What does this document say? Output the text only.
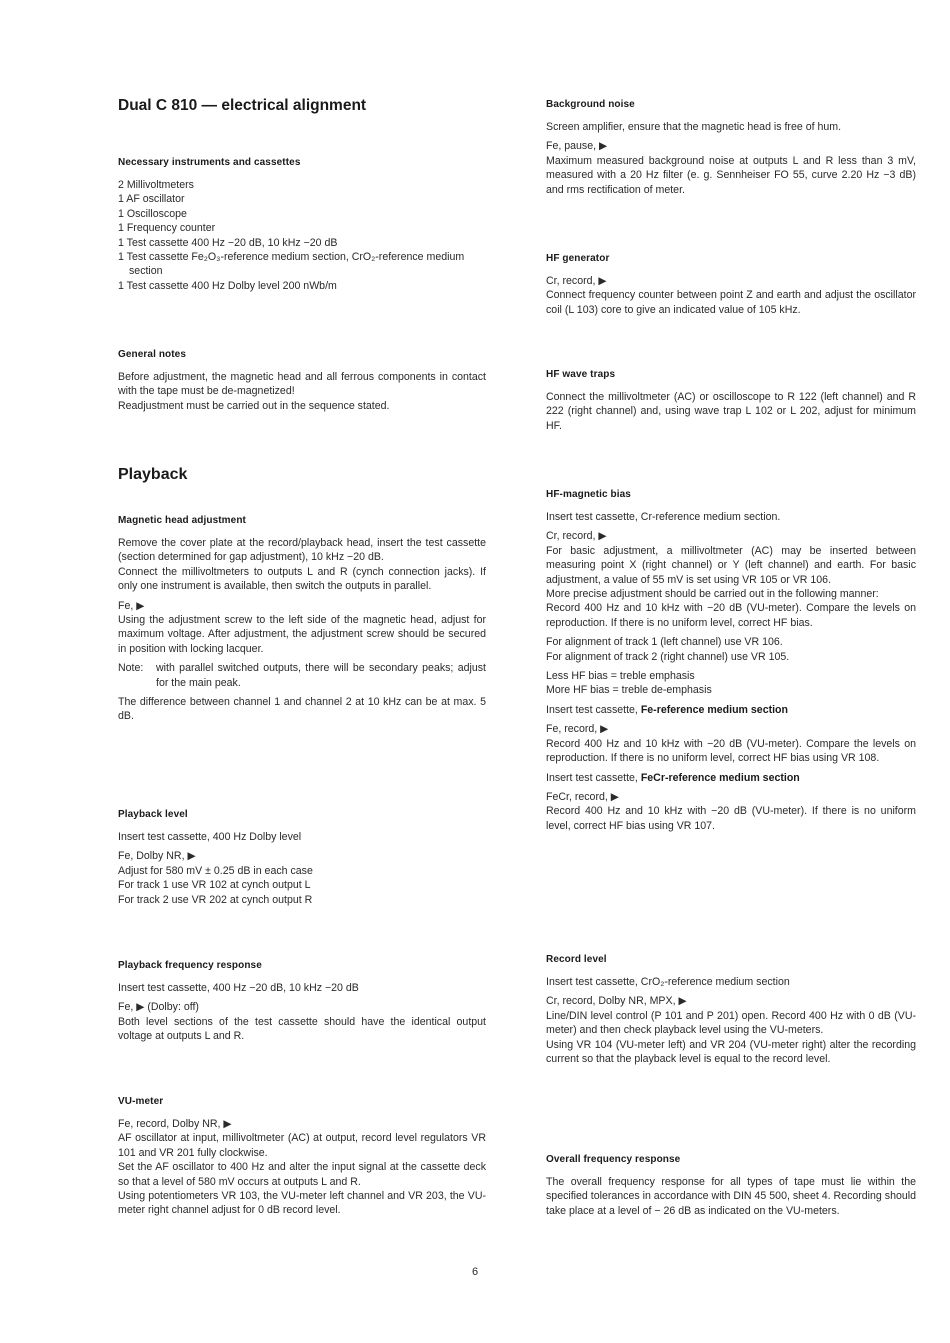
Dual C 810 — electrical alignment
Necessary instruments and cassettes
2 Millivoltmeters
1 AF oscillator
1 Oscilloscope
1 Frequency counter
1 Test cassette 400 Hz −20 dB, 10 kHz −20 dB
1 Test cassette Fe₂O₃-reference medium section, CrO₂-reference medium section
1 Test cassette 400 Hz Dolby level 200 nWb/m
General notes
Before adjustment, the magnetic head and all ferrous components in contact with the tape must be de-magnetized!
Readjustment must be carried out in the sequence stated.
Playback
Magnetic head adjustment
Remove the cover plate at the record/playback head, insert the test cassette (section determined for gap adjustment), 10 kHz −20 dB.
Connect the millivoltmeters to outputs L and R (cynch connection jacks). If only one instrument is available, then switch the outputs in parallel.
Fe, ▶
Using the adjustment screw to the left side of the magnetic head, adjust for maximum voltage. After adjustment, the adjustment screw should be secured in position with locking lacquer.
Note:	with parallel switched outputs, there will be secondary peaks; adjust for the main peak.
The difference between channel 1 and channel 2 at 10 kHz can be at max. 5 dB.
Playback level
Insert test cassette, 400 Hz Dolby level
Fe, Dolby NR, ▶
Adjust for 580 mV ± 0.25 dB in each case
For track 1 use VR 102 at cynch output L
For track 2 use VR 202 at cynch output R
Playback frequency response
Insert test cassette, 400 Hz −20 dB, 10 kHz −20 dB
Fe, ▶ (Dolby: off)
Both level sections of the test cassette should have the identical output voltage at outputs L and R.
VU-meter
Fe, record, Dolby NR, ▶
AF oscillator at input, millivoltmeter (AC) at output, record level regulators VR 101 and VR 201 fully clockwise.
Set the AF oscillator to 400 Hz and alter the input signal at the cassette deck so that a level of 580 mV occurs at outputs L and R.
Using potentiometers VR 103, the VU-meter left channel and VR 203, the VU-meter right channel adjust for 0 dB record level.
Background noise
Screen amplifier, ensure that the magnetic head is free of hum.
Fe, pause, ▶
Maximum measured background noise at outputs L and R less than 3 mV, measured with a 20 Hz filter (e. g. Sennheiser FO 55, curve 2.20 Hz −3 dB) and rms rectification of meter.
HF generator
Cr, record, ▶
Connect frequency counter between point Z and earth and adjust the oscillator coil (L 103) core to give an indicated value of 105 kHz.
HF wave traps
Connect the millivoltmeter (AC) or oscilloscope to R 122 (left channel) and R 222 (right channel) and, using wave trap L 102 or L 202, adjust for minimum HF.
HF-magnetic bias
Insert test cassette, Cr-reference medium section.
Cr, record, ▶
For basic adjustment, a millivoltmeter (AC) may be inserted between measuring point X (right channel) or Y (left channel) and earth. For basic adjustment, a value of 55 mV is set using VR 105 or VR 106.
More precise adjustment should be carried out in the following manner:
Record 400 Hz and 10 kHz with −20 dB (VU-meter). Compare the levels on reproduction. If there is no uniform level, correct HF bias.
For alignment of track 1 (left channel) use VR 106.
For alignment of track 2 (right channel) use VR 105.
Less HF bias = treble emphasis
More HF bias = treble de-emphasis
Insert test cassette, Fe-reference medium section
Fe, record, ▶
Record 400 Hz and 10 kHz with −20 dB (VU-meter). Compare the levels on reproduction. If there is no uniform level, correct HF bias using VR 108.
Insert test cassette, FeCr-reference medium section
FeCr, record, ▶
Record 400 Hz and 10 kHz with −20 dB (VU-meter). If there is no uniform level, correct HF bias using VR 107.
Record level
Insert test cassette, CrO₂-reference medium section
Cr, record, Dolby NR, MPX, ▶
Line/DIN level control (P 101 and P 201) open. Record 400 Hz with 0 dB (VU-meter) and then check playback level using the VU-meters.
Using VR 104 (VU-meter left) and VR 204 (VU-meter right) alter the recording current so that the playback level is equal to the record level.
Overall frequency response
The overall frequency response for all types of tape must lie within the specified tolerances in accordance with DIN 45 500, sheet 4. Recording should take place at a level of − 26 dB as indicated on the VU-meters.
6
